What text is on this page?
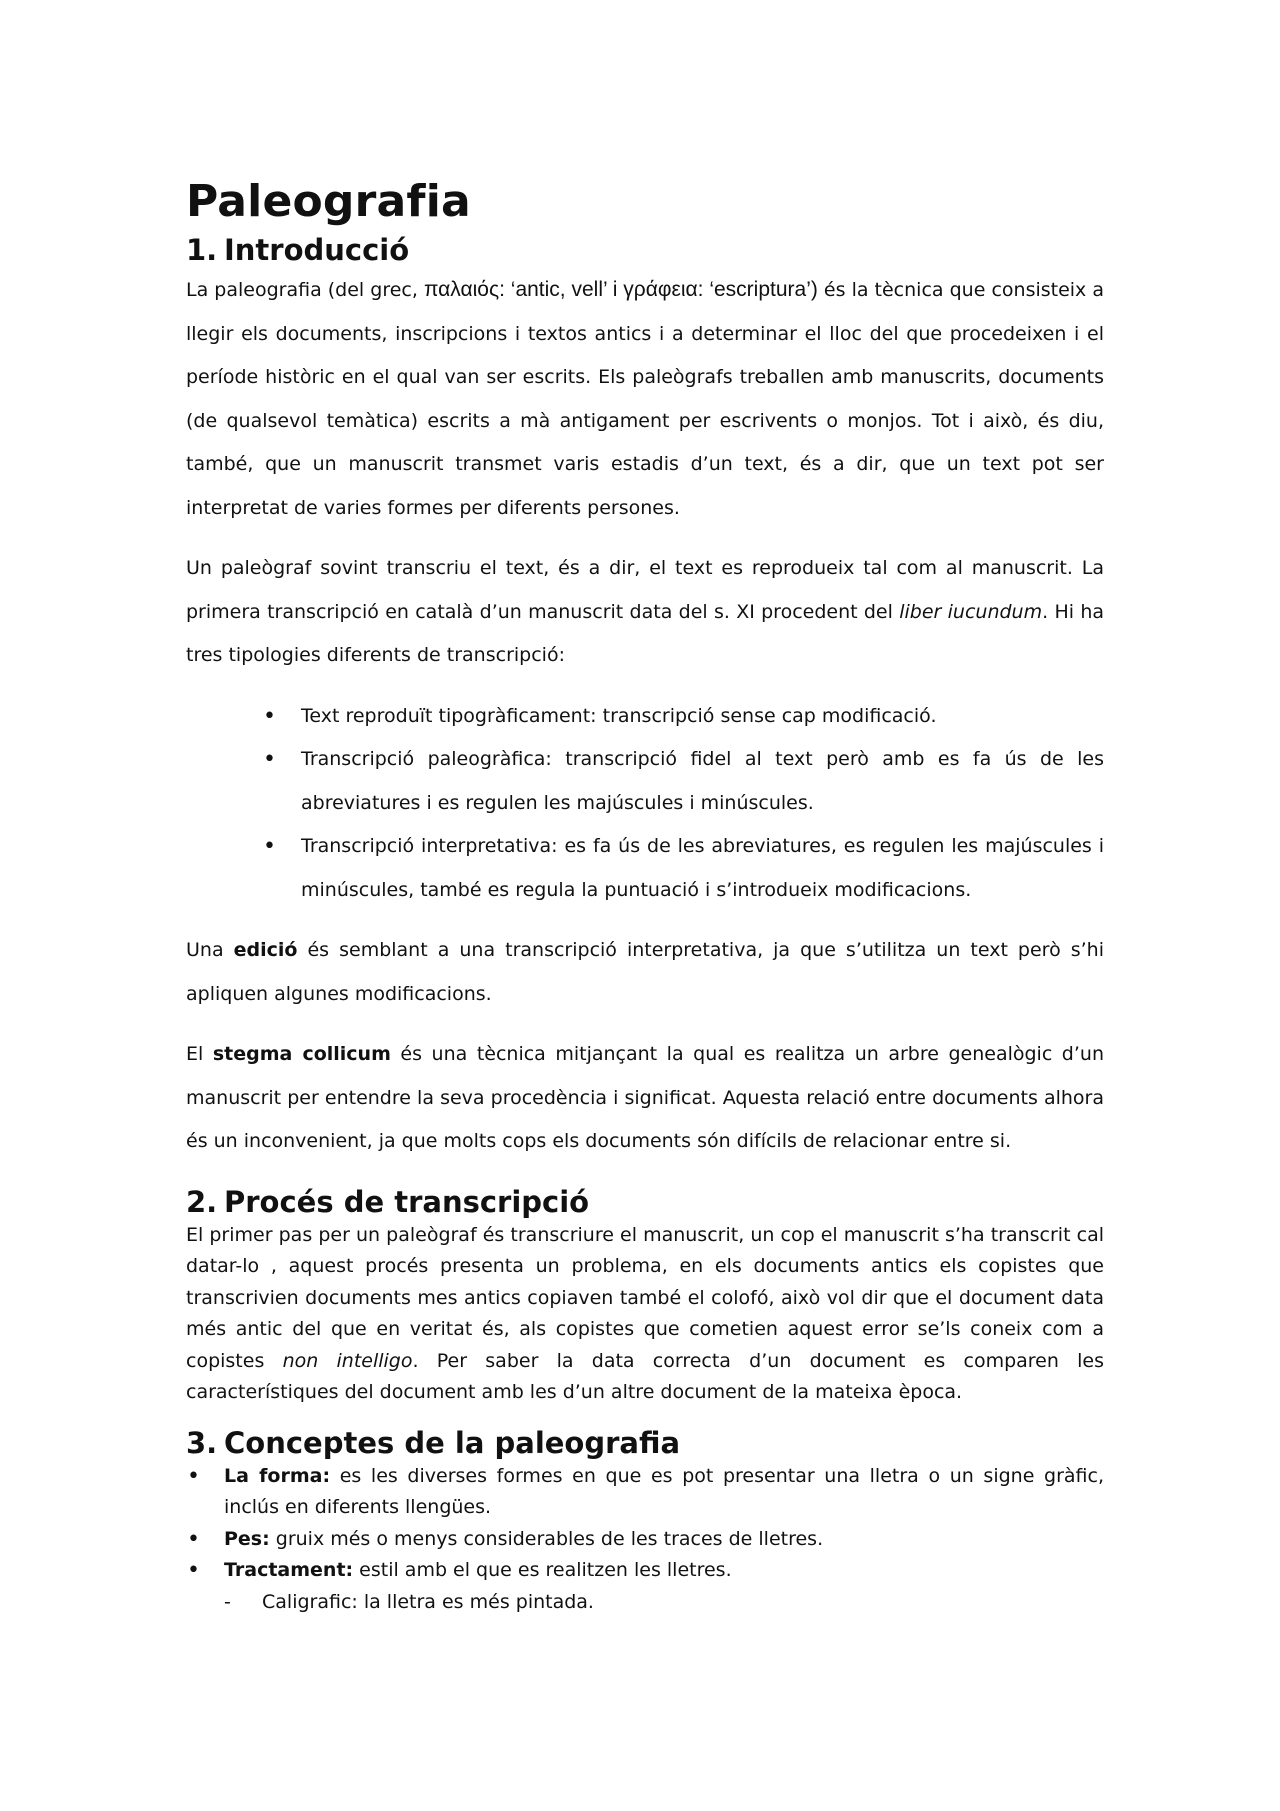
Paleografia
1. Introducció

La paleografia (del grec, παλαιός: ‘antic, vell’ i γράφεια: ‘escriptura’) és la tècnica que consisteix a llegir els documents, inscripcions i textos antics i a determinar el lloc del que procedeixen i el període històric en el qual van ser escrits. Els paleògrafs treballen amb manuscrits, documents (de qualsevol temàtica) escrits a mà antigament per escrivents o monjos. Tot i això, és diu, també, que un manuscrit transmet varis estadis d’un text, és a dir, que un text pot ser interpretat de varies formes per diferents persones.

Un paleògraf sovint transcriu el text, és a dir, el text es reprodueix tal com al manuscrit. La primera transcripció en català d’un manuscrit data del s. XI procedent del liber iucundum. Hi ha tres tipologies diferents de transcripció:

• Text reproduït tipogràficament: transcripció sense cap modificació.
• Transcripció paleogràfica: transcripció fidel al text però amb es fa ús de les abreviatures i es regulen les majúscules i minúscules.
• Transcripció interpretativa: es fa ús de les abreviatures, es regulen les majúscules i minúscules, també es regula la puntuació i s’introdueix modificacions.

Una edició és semblant a una transcripció interpretativa, ja que s’utilitza un text però s’hi apliquen algunes modificacions.

El stegma collicum és una tècnica mitjançant la qual es realitza un arbre genealògic d’un manuscrit per entendre la seva procedència i significat. Aquesta relació entre documents alhora és un inconvenient, ja que molts cops els documents són difícils de relacionar entre si.

2. Procés de transcripció

El primer pas per un paleògraf és transcriure el manuscrit, un cop el manuscrit s’ha transcrit cal datar-lo , aquest procés presenta un problema, en els documents antics els copistes que transcrivien documents mes antics copiaven també el colofó, això vol dir que el document data més antic del que en veritat és, als copistes que cometien aquest error se’ls coneix com a copistes non intelligo. Per saber la data correcta d’un document es comparen les característiques del document amb les d’un altre document de la mateixa època.

3. Conceptes de la paleografia
• La forma: es les diverses formes en que es pot presentar una lletra o un signe gràfic, inclús en diferents llengües.
• Pes: gruix més o menys considerables de les traces de lletres.
• Tractament: estil amb el que es realitzen les lletres.
- Caligrafic: la lletra es més pintada.
